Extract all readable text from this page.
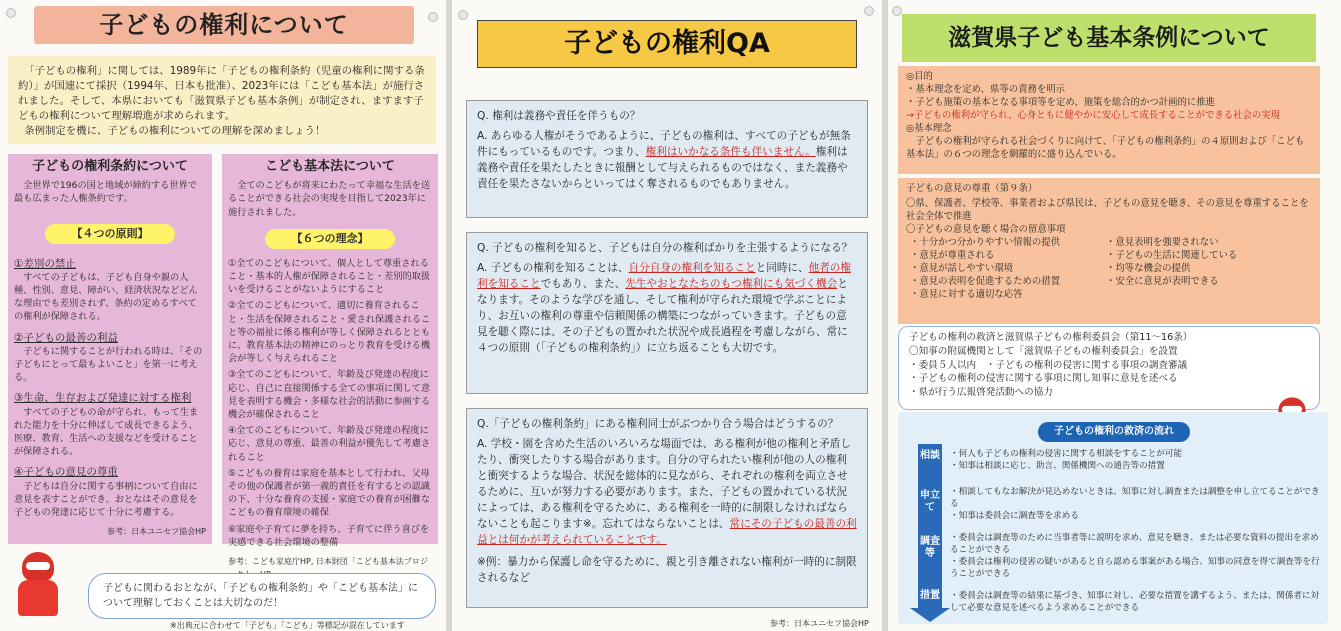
子どもの権利について

「子どもの権利」に関しては、1989年に「子どもの権利条約（児童の権利に関する条約）」が国連にて採択（1994年、日本も批准）、2023年には「こども基本法」が施行されました。そして、本県においても「滋賀県子ども基本条例」が制定され、ますます子どもの権利について理解増進が求められます。

条例制定を機に、子どもの権利についての理解を深めましょう！

子どもの権利条約について
全世界で196の国と地域が締約する世界で最も広まった人権条約です。
【４つの原則】
①差別の禁止
すべての子どもは、子ども自身や親の人種、性別、意見、障がい、経済状況などどんな理由でも差別されず、条約の定めるすべての権利が保障される。
②子どもの最善の利益
子どもに関することが行われる時は、「その子どもにとって最もよいこと」を第一に考える。
③生命、生存および発達に対する権利
すべての子どもの命が守られ、もって生まれた能力を十分に伸ばして成長できるよう、医療、教育、生活への支援などを受けることが保障される。
④子どもの意見の尊重
子どもは自分に関する事柄について自由に意見を表すことができ、おとなはその意見を子どもの発達に応じて十分に考慮する。
参考：日本ユニセフ協会HP
こども基本法について
全てのこどもが将来にわたって幸福な生活を送ることができる社会の実現を目指して2023年に施行されました。
【６つの理念】
①全てのこどもについて、個人として尊重されること・基本的人権が保障されること・差別的取扱いを受けることがないようにすること
②全てのこどもについて、適切に養育されること・生活を保障されること・愛され保護されること等の福祉に係る権利が等しく保障されるとともに、教育基本法の精神にのっとり教育を受ける機会が等しく与えられること
③全てのこどもについて、年齢及び発達の程度に応じ、自己に直接関係する全ての事項に関して意見を表明する機会・多様な社会的活動に参画する機会が確保されること
④全てのこどもについて、年齢及び発達の程度に応じ、意見の尊重、最善の利益が優先して考慮されること
⑤こどもの養育は家庭を基本として行われ、父母その他の保護者が第一義的責任を有するとの認識の下、十分な養育の支援・家庭での養育が困難なこどもの養育環境の確保
⑥家庭や子育てに夢を持ち、子育てに伴う喜びを実感できる社会環境の整備
参考：こども家庭庁HP, 日本財団「こども基本法プロジ
子どもに関わるおとなが、「子どもの権利条約」や「こども基本法」について理解しておくことは大切なのだ！
※出典元に合わせて「子ども」「こども」等標記が混在しています
子どもの権利QA
Q. 権利は義務や責任を伴うもの？
A. あらゆる人権がそうであるように、子どもの権利は、すべての子どもが無条件にもっているものです。つまり、権利はいかなる条件も伴いません。権利は義務や責任を果たしたときに報酬として与えられるものではなく、また義務や責任を果たさないからといってはく奪されるものでもありません。
Q. 子どもの権利を知ると、子どもは自分の権利ばかりを主張するようになる？
A. 子どもの権利を知ることは、自分自身の権利を知ることと同時に、他者の権利を知ることでもあり、また、先生やおとなたちのもつ権利にも気づく機会となります。そのような学びを通し、そして権利が守られた環境で学ぶことにより、お互いの権利の尊重や信頼関係の構築につながっていきます。子どもの意見を聴く際には、その子どもの置かれた状況や成長過程を考慮しながら、常に４つの原則（「子どもの権利条約」）に立ち返ることも大切です。
Q.「子どもの権利条約」にある権利同士がぶつかり合う場合はどうするの？
A. 学校・園を含めた生活のいろいろな場面では、ある権利が他の権利と矛盾したり、衝突したりする場合があります。自分の守られたい権利が他の人の権利と衝突するような場合、状況を総体的に見ながら、それぞれの権利を両立させるために、互いが努力する必要があります。また、子どもの置かれている状況によっては、ある権利を守るために、ある権利を一時的に制限しなければならないことも起こります※。忘れてはならないことは、常にその子どもの最善の利益とは何かが考えられていることです。
※例：暴力から保護し命を守るために、親と引き離されない権利が一時的に制限されるなど
参考：日本ユニセフ協会HP
滋賀県子ども基本条例について
◎目的
・基本理念を定め、県等の責務を明示
・子ども施策の基本となる事項等を定め、施策を総合的かつ計画的に推進
→子どもの権利が守られ、心身ともに健やかに安心して成長することができる社会の実現
◎基本理念
子どもの権利が守られる社会づくりに向けて、「子どもの権利条約」の４原則および「こども基本法」の６つの理念を網羅的に盛り込んでいる。
子どもの意見の尊重（第９条）
〇県、保護者、学校等、事業者および県民は、子どもの意見を聴き、その意見を尊重することを社会全体で推進
〇子どもの意見を聴く場合の留意事項
・十分かつ分かりやすい情報の提供	・意見表明を強要されない
・意見が尊重される	・子どもの生活に関連している
・意見が話しやすい環境	・均等な機会の提供
・意見の表明を促進するための措置	・安全に意見が表明できる
・意見に対する適切な応答
子どもの権利の救済と滋賀県子どもの権利委員会（第11～16条）
〇知事の附属機関として「滋賀県子どもの権利委員会」を設置
・委員５人以内　・子どもの権利の侵害に関する事項の調査審議
・子どもの権利の侵害に関する事項に関し知事に意見を述べる
・県が行う広報啓発活動への協力
子どもの権利の救済の流れ
相談
申立て
調査等
措置
・何人も子どもの権利の侵害に関する相談をすることが可能
・知事は相談に応じ、助言、関係機関への通告等の措置
・相談してもなお解決が見込めないときは、知事に対し調査または調整を申し立てることができる
・知事は委員会に調査等を求める
・委員会は調査等のために当事者等に説明を求め、意見を聴き、または必要な資料の提出を求めることができる
・委員会は権利の侵害の疑いがあると自ら認める事案がある場合、知事の同意を得て調査等を行うことができる
・委員会は調査等の結果に基づき、知事に対し、必要な措置を講ずるよう、または、関係者に対して必要な意見を述べるよう求めることができる
